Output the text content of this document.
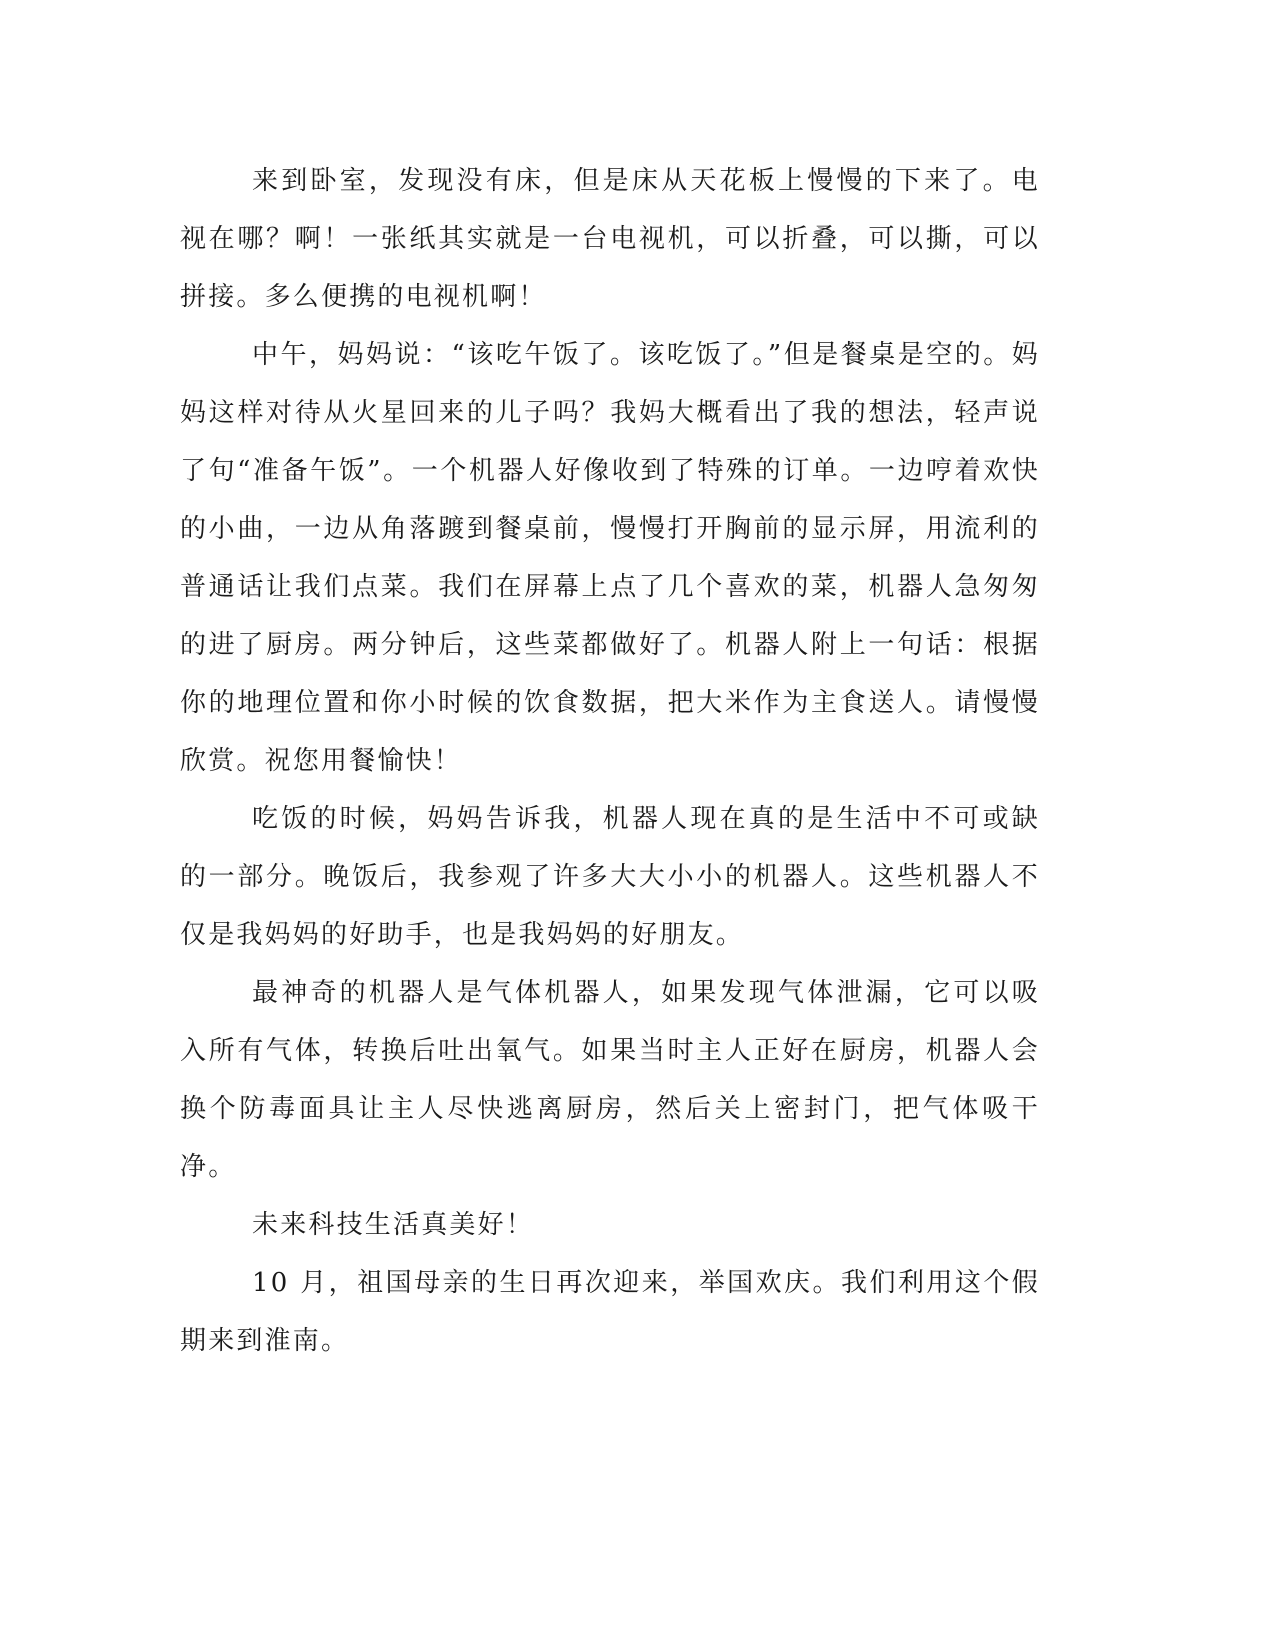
来到卧室，发现没有床，但是床从天花板上慢慢的下来了。电视在哪？啊！一张纸其实就是一台电视机，可以折叠，可以撕，可以拼接。多么便携的电视机啊！

中午，妈妈说：“该吃午饭了。该吃饭了。”但是餐桌是空的。妈妈这样对待从火星回来的儿子吗？我妈大概看出了我的想法，轻声说了句“准备午饭”。一个机器人好像收到了特殊的订单。一边哼着欢快的小曲，一边从角落踱到餐桌前，慢慢打开胸前的显示屏，用流利的普通话让我们点菜。我们在屏幕上点了几个喜欢的菜，机器人急匆匆的进了厨房。两分钟后，这些菜都做好了。机器人附上一句话：根据你的地理位置和你小时候的饮食数据，把大米作为主食送人。请慢慢欣赏。祝您用餐愉快！

吃饭的时候，妈妈告诉我，机器人现在真的是生活中不可或缺的一部分。晚饭后，我参观了许多大大小小的机器人。这些机器人不仅是我妈妈的好助手，也是我妈妈的好朋友。

最神奇的机器人是气体机器人，如果发现气体泄漏，它可以吸入所有气体，转换后吐出氧气。如果当时主人正好在厨房，机器人会换个防毒面具让主人尽快逃离厨房，然后关上密封门，把气体吸干净。

未来科技生活真美好！

10 月，祖国母亲的生日再次迎来，举国欢庆。我们利用这个假期来到淮南。
